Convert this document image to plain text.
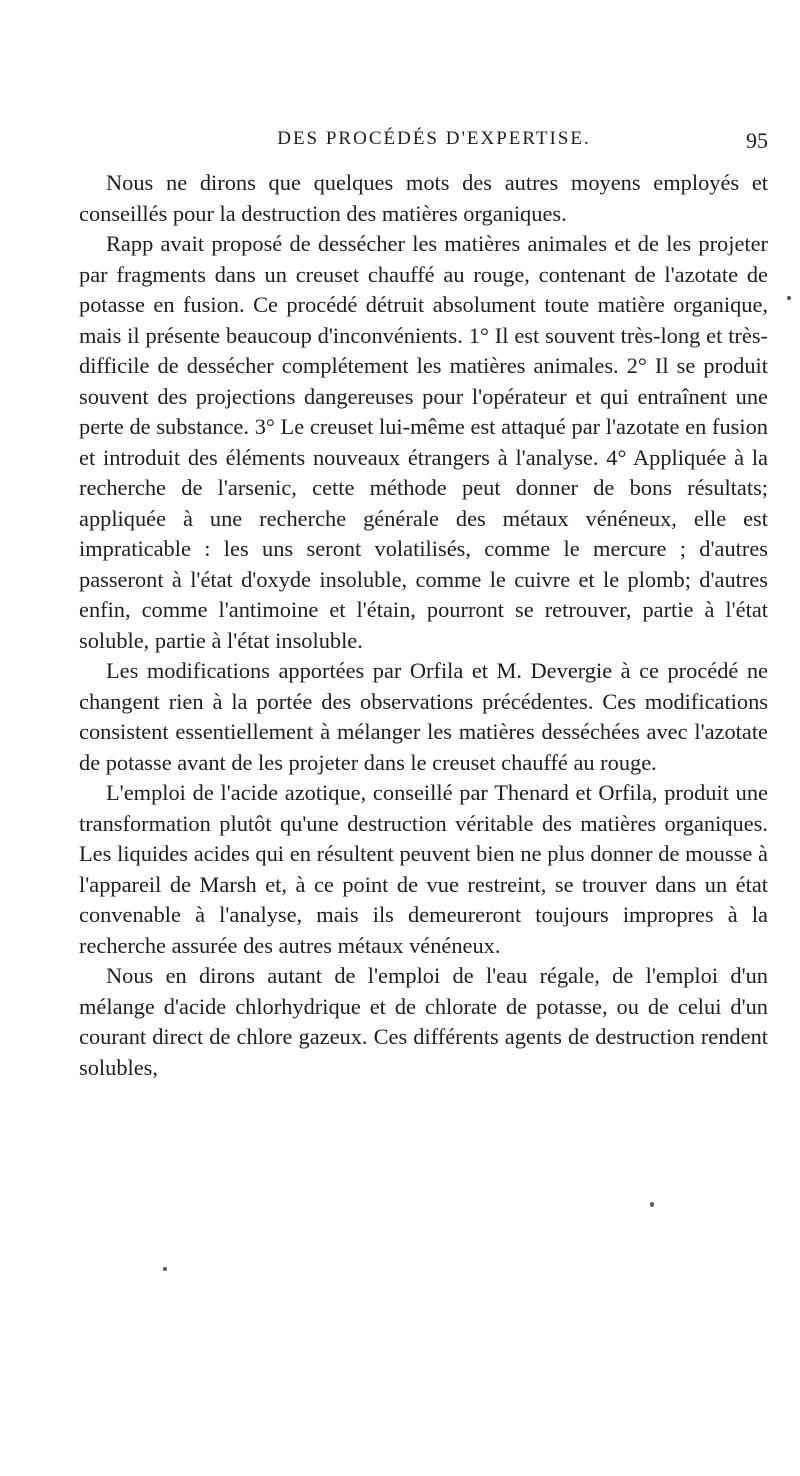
DES PROCÉDÉS D'EXPERTISE.	95

Nous ne dirons que quelques mots des autres moyens employés et conseillés pour la destruction des matières organiques.

Rapp avait proposé de dessécher les matières animales et de les projeter par fragments dans un creuset chauffé au rouge, contenant de l'azotate de potasse en fusion. Ce procédé détruit absolument toute matière organique, mais il présente beaucoup d'inconvénients. 1° Il est souvent très-long et très-difficile de dessécher complétement les matières animales. 2° Il se produit souvent des projections dangereuses pour l'opérateur et qui entraînent une perte de substance. 3° Le creuset lui-même est attaqué par l'azotate en fusion et introduit des éléments nouveaux étrangers à l'analyse. 4° Appliquée à la recherche de l'arsenic, cette méthode peut donner de bons résultats; appliquée à une recherche générale des métaux vénéneux, elle est impraticable : les uns seront volatilisés, comme le mercure ; d'autres passeront à l'état d'oxyde insoluble, comme le cuivre et le plomb; d'autres enfin, comme l'antimoine et l'étain, pourront se retrouver, partie à l'état soluble, partie à l'état insoluble.

Les modifications apportées par Orfila et M. Devergie à ce procédé ne changent rien à la portée des observations précédentes. Ces modifications consistent essentiellement à mélanger les matières desséchées avec l'azotate de potasse avant de les projeter dans le creuset chauffé au rouge.

L'emploi de l'acide azotique, conseillé par Thenard et Orfila, produit une transformation plutôt qu'une destruction véritable des matières organiques. Les liquides acides qui en résultent peuvent bien ne plus donner de mousse à l'appareil de Marsh et, à ce point de vue restreint, se trouver dans un état convenable à l'analyse, mais ils demeureront toujours impropres à la recherche assurée des autres métaux vénéneux.

Nous en dirons autant de l'emploi de l'eau régale, de l'emploi d'un mélange d'acide chlorhydrique et de chlorate de potasse, ou de celui d'un courant direct de chlore gazeux. Ces différents agents de destruction rendent solubles,
